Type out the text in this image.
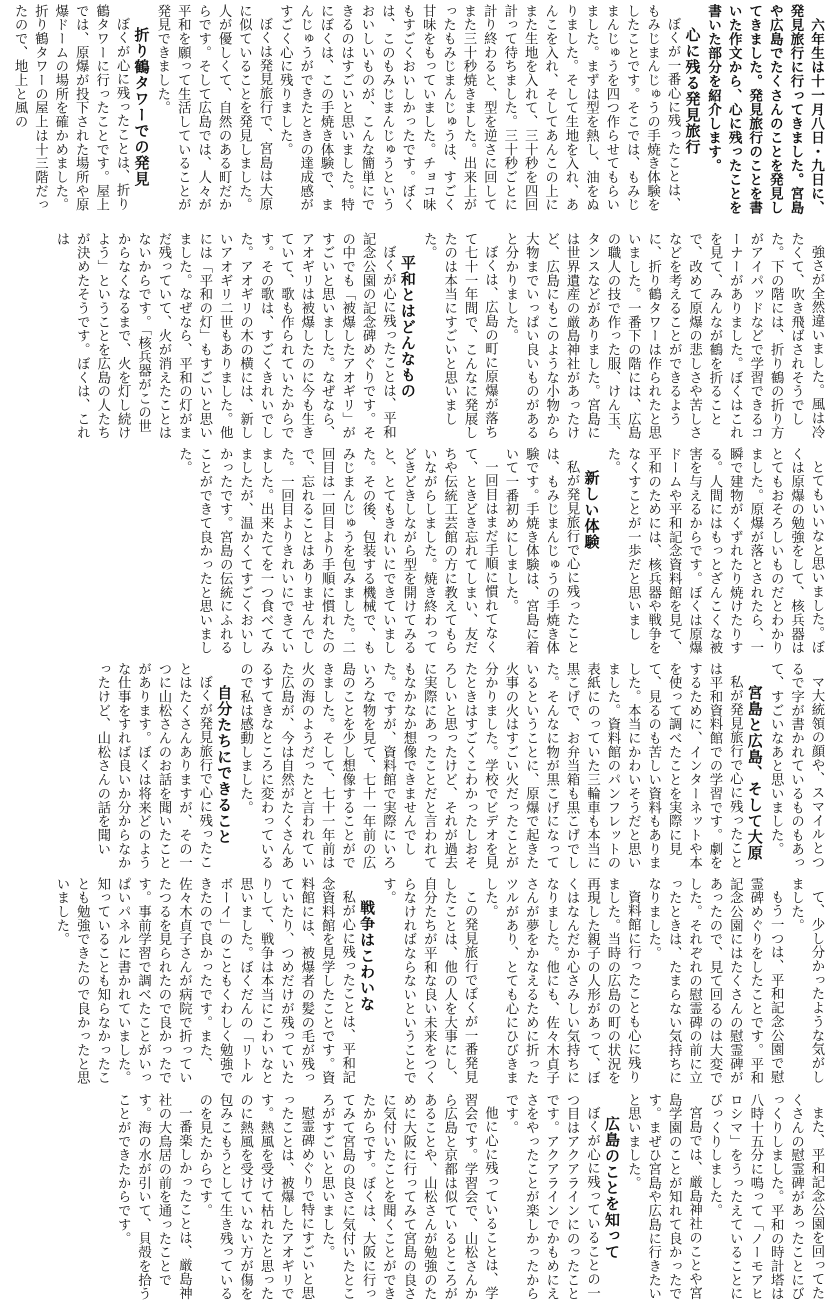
六年生は十一月八日・九日に、発見旅行に行ってきました。宮島や広島でたくさんのことを発見してきました。発見旅行のことを書いた作文から、心に残ったことを書いた部分を紹介します。
心に残る発見旅行
ぼくが一番心に残ったことは、もみじまんじゅうの手焼き体験をしたことです。そこでは、もみじまんじゅうを四つ作らせてもらいました。まずは型を熱し、油をぬりました。そして生地を入れ、あんこを入れ、そしてあんこの上にまた生地を入れて、三十秒を四回計って待ちました。三十秒ごとに計り終わると、型を逆さに回してまた三十秒焼きました。出来上がったもみじまんじゅうは、すごく甘味をもっていました。チョコ味もすごくおいしかったです。ぼくは、このもみじまんじゅうというおいしいものが、こんな簡単にできるのはすごいと思いました。特にぼくは、この手焼き体験で、まんじゅうができたときの達成感がすごく心に残りました。
ぼくは発見旅行で、宮島は大原に似ていることを発見しました。人が優しくて、自然のある町だからです。そして広島では、人々が平和を願って生活していることが発見できました。
折り鶴タワーでの発見
ぼくが心に残ったことは、折り鶴タワーに行ったことです。屋上では、原爆が投下された場所や原爆ドームの場所を確かめました。折り鶴タワーの屋上は十三階だったので、地上と風の
強さが全然違いました。風は冷たくて、吹き飛ばされそうでした。下の階には、折り鶴の折り方がアイパッドなどで学習できるコーナーがありました。ぼくはこれを見て、みんなが鶴を折ることで、改めて原爆の悲しさや苦しさなどを考えることができるように、折り鶴タワーは作られたと思いました。一番下の階には、広島の職人の技で作った服、けん玉、タンスなどがありました。宮島には世界遺産の厳島神社があったけど、広島にもこのような小物から大物までいっぱい良いものがあると分かりました。
ぼくは、広島の町に原爆が落ちて七十一年間で、こんなに発展したのは本当にすごいと思いました。
平和とはどんなもの
ぼくが心に残ったことは、平和記念公園の記念碑めぐりです。その中でも「被爆したアオギリ」がすごいと思いました。なぜなら、アオギリは被爆したのに今も生きていて、歌も作られていたからです。その歌は、すごくきれいでした。アオギリの木の横には、新しいアオギリ二世もありました。他には「平和の灯」もすごいと思いました。なぜなら、平和の灯がまだ残っていて、火が消えたことはないからです。「核兵器がこの世からなくなるまで、火を灯し続けよう」ということを広島の人たちが決めたそうです。ぼくは、これは
とてもいいなと思いました。ぼくは原爆の勉強をして、核兵器はとてもおそろしいものだとわかりました。原爆が落とされたら、一瞬で建物がくずれたり焼けたりする。人間にはもっとざんこくな被害を与えるからです。ぼくは原爆ドームや平和記念資料館を見て、平和のためには、核兵器や戦争をなくすことが一歩だと思いました。
新しい体験
私が発見旅行で心に残ったことは、もみじまんじゅうの手焼き体験です。手焼き体験は、宮島に着いて一番初めにしました。
一回目はまだ手順に慣れてなくて、ときどき忘れてしまい、友だちや伝統工芸館の方に教えてもらいながらしました。焼き終わってどきどきしながら型を開けてみると、とてもきれいにできていました。その後、包装する機械で、もみじまんじゅうを包みました。二回目は一回目より手順に慣れたので、忘れることはありませんでした。一回目よりきれいにできていました。出来たてを一つ食べてみましたが、温かくてすごくおいしかったです。宮島の伝統にふれることができて良かったと思いました。
マ大統領の顔や、スマイルとつるで字が書かれているものもあって、すごいなあと思いました。
宮島と広島、そして大原
私が発見旅行で心に残ったことは平和資料館での学習です。劇をするために、インターネットや本を使って調べたことを実際に見て、見るのも苦しい資料もありました。本当にかわいそうだと思いました。資料館のパンフレットの表紙にのっていた三輪車も本当に黒こげで、お弁当箱も黒こげでした。そんなに物が黒こげになっているということに、原爆で起きた火事の火はすごい火だったことが分かりました。学校でビデオを見たときはすごくこわかったしおそろしいと思ったけど、それが過去に実際にあったことだと言われてもなかなか想像できませんでした。ですが、資料館で実際にいろいろな物を見て、七十一年前の広島のことを少し想像することができました。そして、七十一年前は火の海のようだったと言われていた広島が、今は自然がたくさんあるすてきなところに変わっているので私は感動しました。
自分たちにできること
ぼくが発見旅行で心に残ったことはたくさんありますが、その一つに山松さんのお話を聞いたことがあります。ぼくは将来どのような仕事をすれば良いか分からなかったけど、山松さんの話を聞い
て、少し分かったような気がしました。
もう一つは、平和記念公園で慰霊碑めぐりをしたことです。平和記念公園にはたくさんの慰霊碑があったので、見て回るのは大変でした。それぞれの慰霊碑の前に立ったときは、たまらない気持ちになりました。
資料館に行ったことも心に残りました。当時の広島の町の状況を再現した親子の人形があって、ぼくはなんだか心さみしい気持ちになりました。他にも、佐々木貞子さんが夢をかなえるために折ったツルがあり、とても心にひびきました。
この発見旅行でぼくが一番発見したことは、他の人を大事にし、自分たちが平和な良い未来をつくらなければならないということです。
戦争はこわいな
私が心に残ったことは、平和記念資料館を見学したことです。資料館には、被爆者の髪の毛が残っていたり、つめだけが残っていたりして、戦争は本当にこわいなと思いました。ぼくだんの「リトルボーイ」のこともくわしく勉強できたので良かったです。また、佐々木貞子さんが病院で折っていたつるを見られたので良かったです。事前学習で調べたことがいっぱいパネルに書かれていました。知っていることも知らなかったことも勉強できたので良かったと思いました。
また、平和記念公園を回ってたくさんの慰霊碑があったことにびっくりしました。平和の時計塔は八時十五分に鳴って「ノーモアヒロシマ」をうったえていることにびっくりしました。
宮島では、厳島神社のことや宮島学園のことが知れて良かったです。まぜひ宮島や広島に行きたいと思いました。
広島のことを知って
ぼくが心に残っていることの一つ目はアクアラインにのったことです。アクアラインでかもめにえさをやったことが楽しかったからです。
他に心に残っていることは、学習会です。学習会で、山松さんから広島と京都は似ているところがあることや、山松さんが勉強のために大阪に行ってみて宮島の良さに気付いたことを聞くことができたからです。ぼくは、大阪に行ってみて宮島の良さに気付いたところがすごいと思いました。
慰霊碑めぐりで特にすごいと思ったことは、被爆したアオギリです。熱風を受けて枯れたと思ったのに熱風を受けていない方が傷を包みこもうとして生き残っているのを見たからです。
一番楽しかったことは、厳島神社の大鳥居の前を通ったことです。海の水が引いて、貝殻を拾うことができたからです。
